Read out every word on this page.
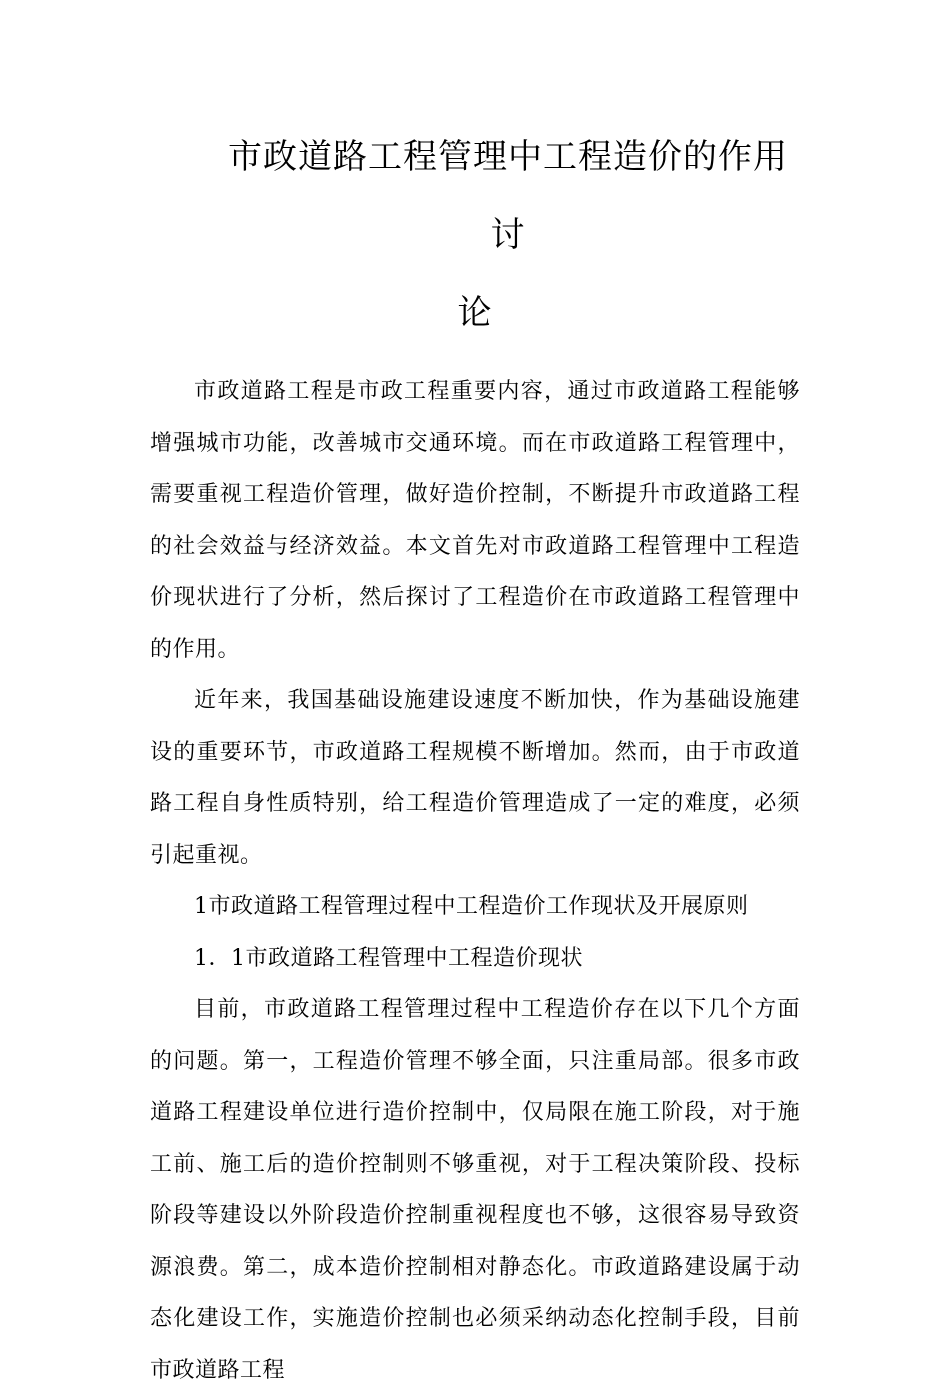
市政道路工程管理中工程造价的作用讨
论

市政道路工程是市政工程重要内容，通过市政道路工程能够增强城市功能，改善城市交通环境。而在市政道路工程管理中，需要重视工程造价管理，做好造价控制，不断提升市政道路工程的社会效益与经济效益。本文首先对市政道路工程管理中工程造价现状进行了分析，然后探讨了工程造价在市政道路工程管理中的作用。

近年来，我国基础设施建设速度不断加快，作为基础设施建设的重要环节，市政道路工程规模不断增加。然而，由于市政道路工程自身性质特别，给工程造价管理造成了一定的难度，必须引起重视。

1市政道路工程管理过程中工程造价工作现状及开展原则

1．1市政道路工程管理中工程造价现状

目前，市政道路工程管理过程中工程造价存在以下几个方面的问题。第一，工程造价管理不够全面，只注重局部。很多市政道路工程建设单位进行造价控制中，仅局限在施工阶段，对于施工前、施工后的造价控制则不够重视，对于工程决策阶段、投标阶段等建设以外阶段造价控制重视程度也不够，这很容易导致资源浪费。第二，成本造价控制相对静态化。市政道路建设属于动态化建设工作，实施造价控制也必须采纳动态化控制手段，目前市政道路工程
